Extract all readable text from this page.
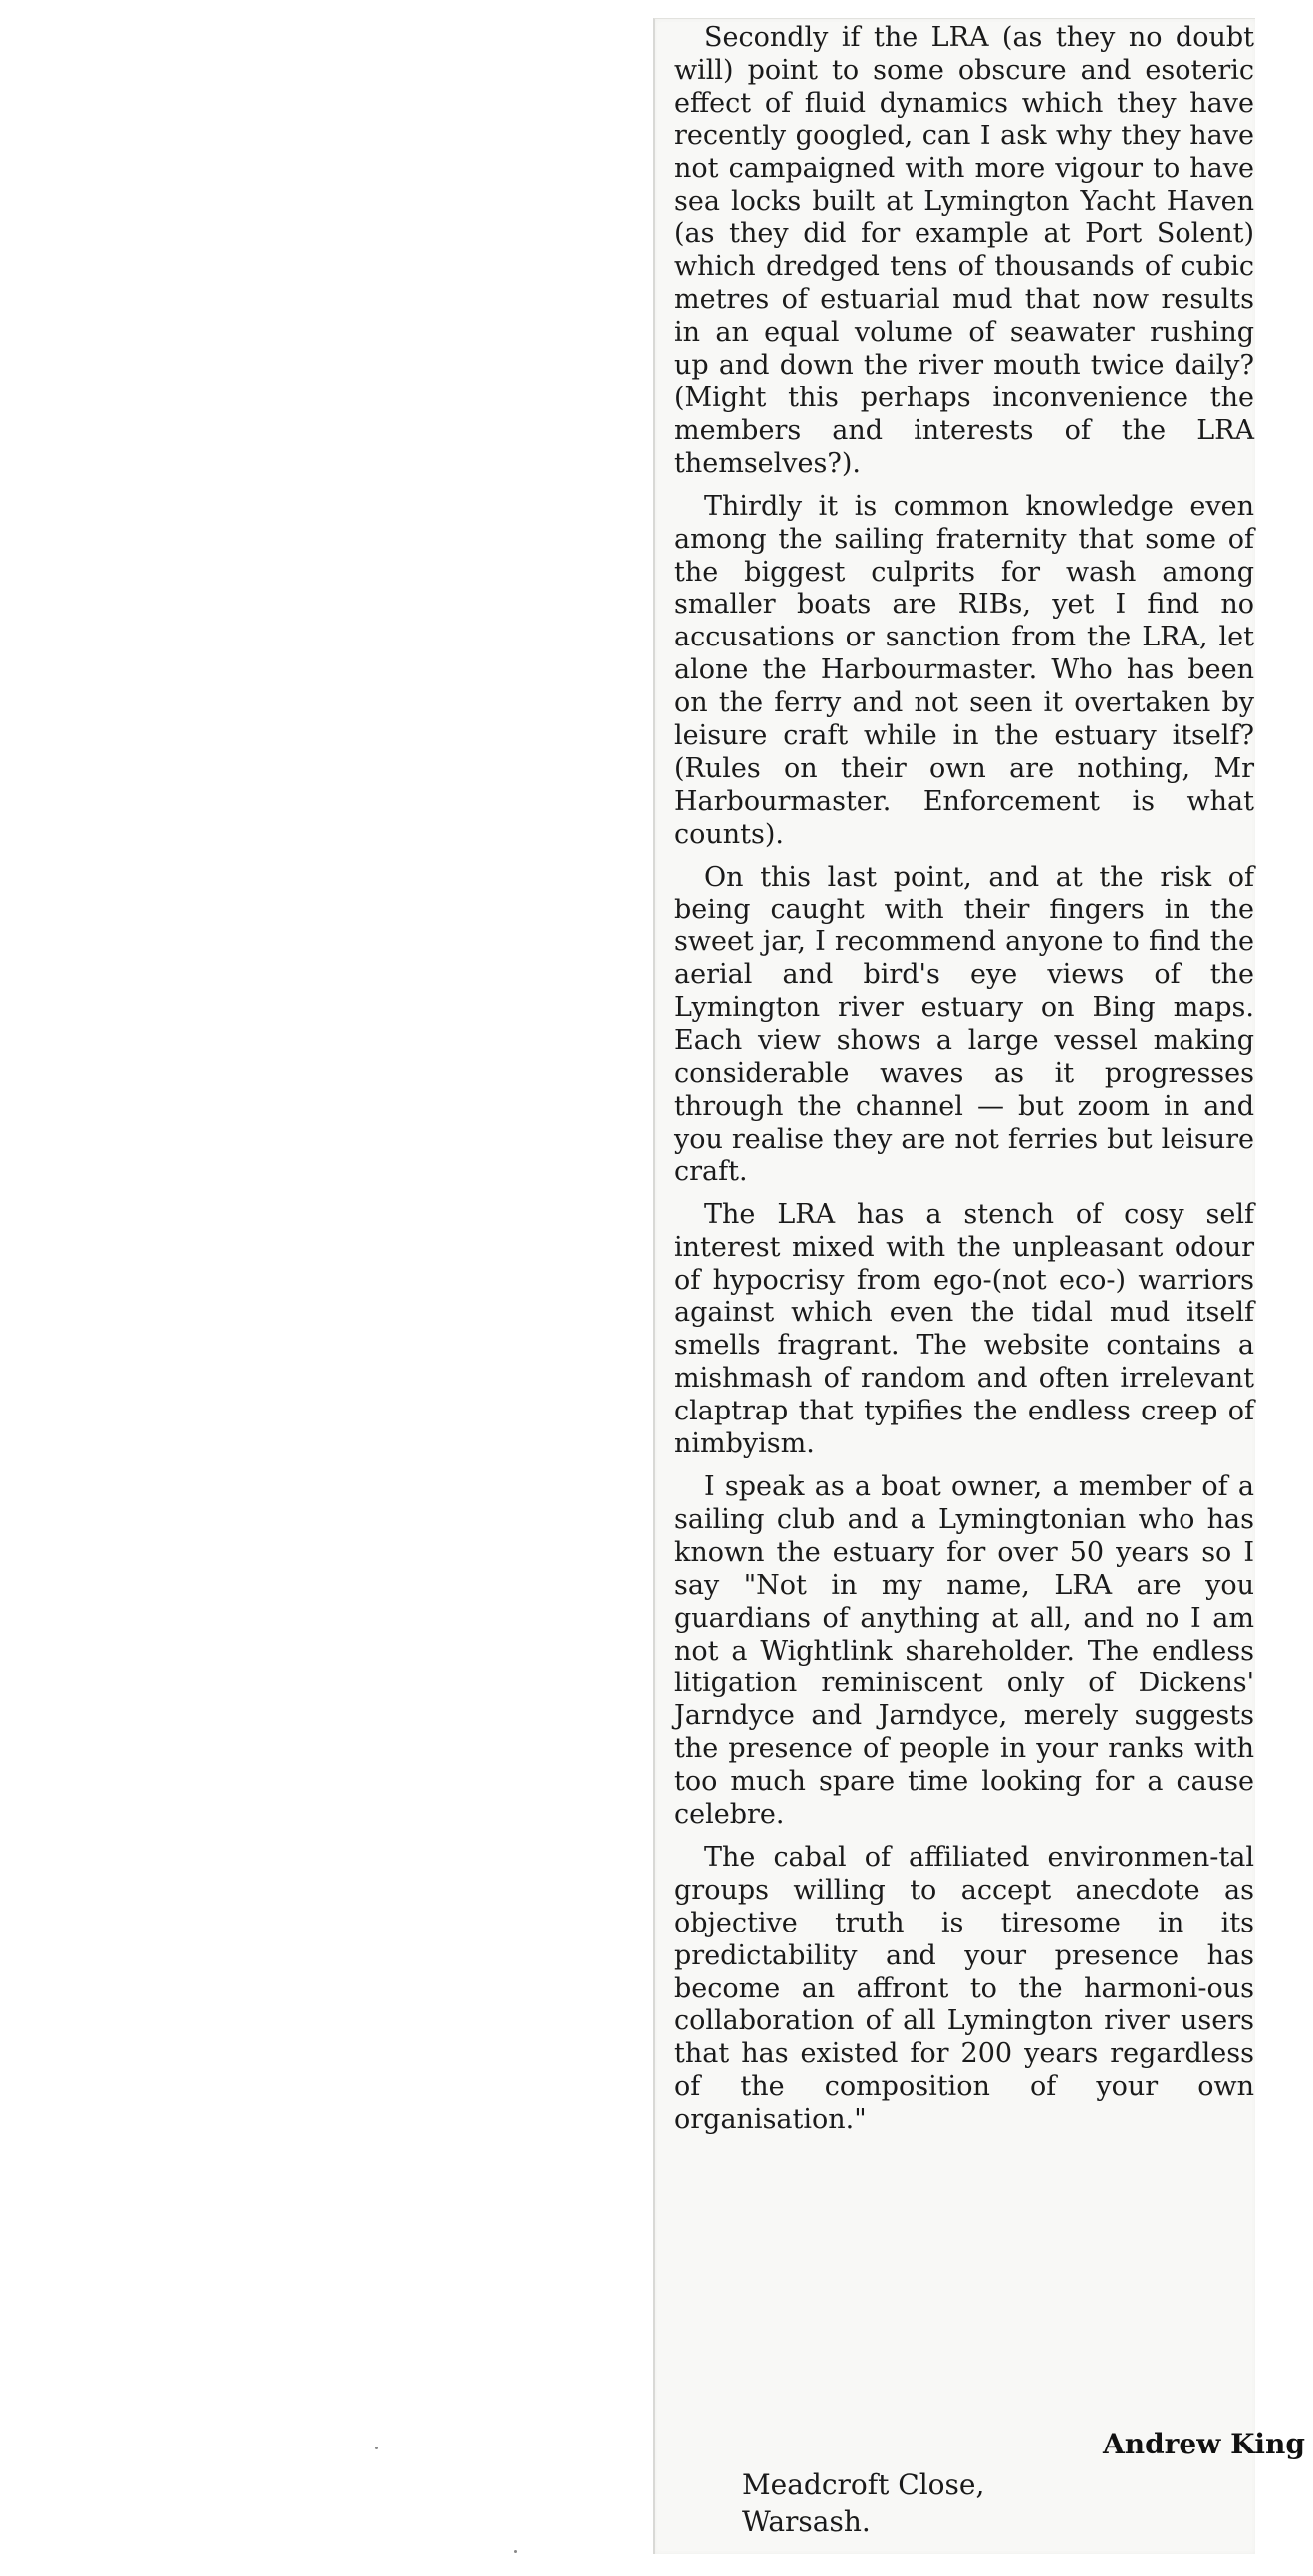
Secondly if the LRA (as they no doubt will) point to some obscure and esoteric effect of fluid dynamics which they have recently googled, can I ask why they have not campaigned with more vigour to have sea locks built at Lymington Yacht Haven (as they did for example at Port Solent) which dredged tens of thousands of cubic metres of estuarial mud that now results in an equal volume of seawater rushing up and down the river mouth twice daily? (Might this perhaps inconvenience the members and interests of the LRA themselves?).

Thirdly it is common knowledge even among the sailing fraternity that some of the biggest culprits for wash among smaller boats are RIBs, yet I find no accusations or sanction from the LRA, let alone the Harbourmaster. Who has been on the ferry and not seen it overtaken by leisure craft while in the estuary itself? (Rules on their own are nothing, Mr Harbourmaster. Enforcement is what counts).

On this last point, and at the risk of being caught with their fingers in the sweet jar, I recommend anyone to find the aerial and bird's eye views of the Lymington river estuary on Bing maps. Each view shows a large vessel making considerable waves as it progresses through the channel — but zoom in and you realise they are not ferries but leisure craft.

The LRA has a stench of cosy self interest mixed with the unpleasant odour of hypocrisy from ego-(not eco-) warriors against which even the tidal mud itself smells fragrant. The website contains a mishmash of random and often irrelevant claptrap that typifies the endless creep of nimbyism.

I speak as a boat owner, a member of a sailing club and a Lymingtonian who has known the estuary for over 50 years so I say "Not in my name, LRA are you guardians of anything at all, and no I am not a Wightlink shareholder. The endless litigation reminiscent only of Dickens' Jarndyce and Jarndyce, merely suggests the presence of people in your ranks with too much spare time looking for a cause celebre.

The cabal of affiliated environmen-tal groups willing to accept anecdote as objective truth is tiresome in its predictability and your presence has become an affront to the harmoni-ous collaboration of all Lymington river users that has existed for 200 years regardless of the composition of your own organisation."

Andrew King
Meadcroft Close,
Warsash.
